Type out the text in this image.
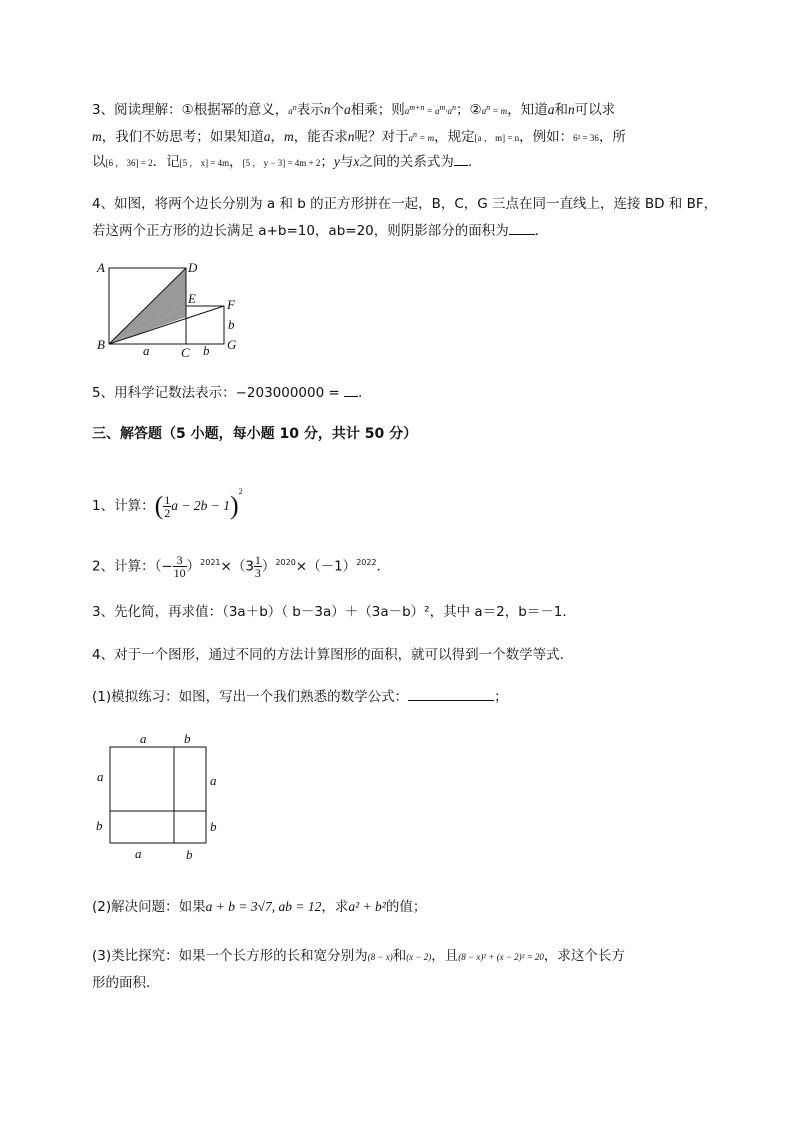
3、阅读理解：①根据幂的意义，$a^n$表示n个a相乘；则$a^{m+n} = a^m\cdot a^n$；$②a^n = m$，知道a和n可以求
m，我们不妨思考；如果知道a，m，能否求n呢？对于$a^n = m$，规定[a ， m] = n，例如：6² = 36，所
以[6 ， 36] = 2．记[5 ， x] = 4m，[5 ， y − 3] = 4m + 2；y与x之间的关系式为 ．
4、如图，将两个边长分别为 a 和 b 的正方形拼在一起，B，C，G 三点在同一直线上，连接 BD 和 BF，
若这两个正方形的边长满足 a+b=10，ab=20，则阴影部分的面积为 ．
A	D
E F
B
C
G
a
b
b
5、用科学记数法表示：−203000000 = ．
三、解答题（5 小题，每小题 10 分，共计 50 分）
1、计算：( $\frac{1}{2}$ a − 2b − 1)$^2$
2、计算：（− $\frac{3}{10} )^{2021}\times(3 \frac{1}{3} )^{2020}\times(-1)^{2022}$．
3、先化简，再求值：（3a＋b）（ b－3a）＋（3a－b）²，其中 a＝2，b＝－1．
4、对于一个图形，通过不同的方法计算图形的面积，就可以得到一个数学等式．
(1)模拟练习：如图，写出一个我们熟悉的数学公式：	；
a	b
a
b
a
b
a	b
(2)解决问题：如果a + b = 3√7, ab = 12，求a² + b²的值；
(3)类比探究：如果一个长方形的长和宽分别为(8 − x)和(x − 2)，且(8 − x)² + (x − 2)² = 20，求这个长方
形的面积．
